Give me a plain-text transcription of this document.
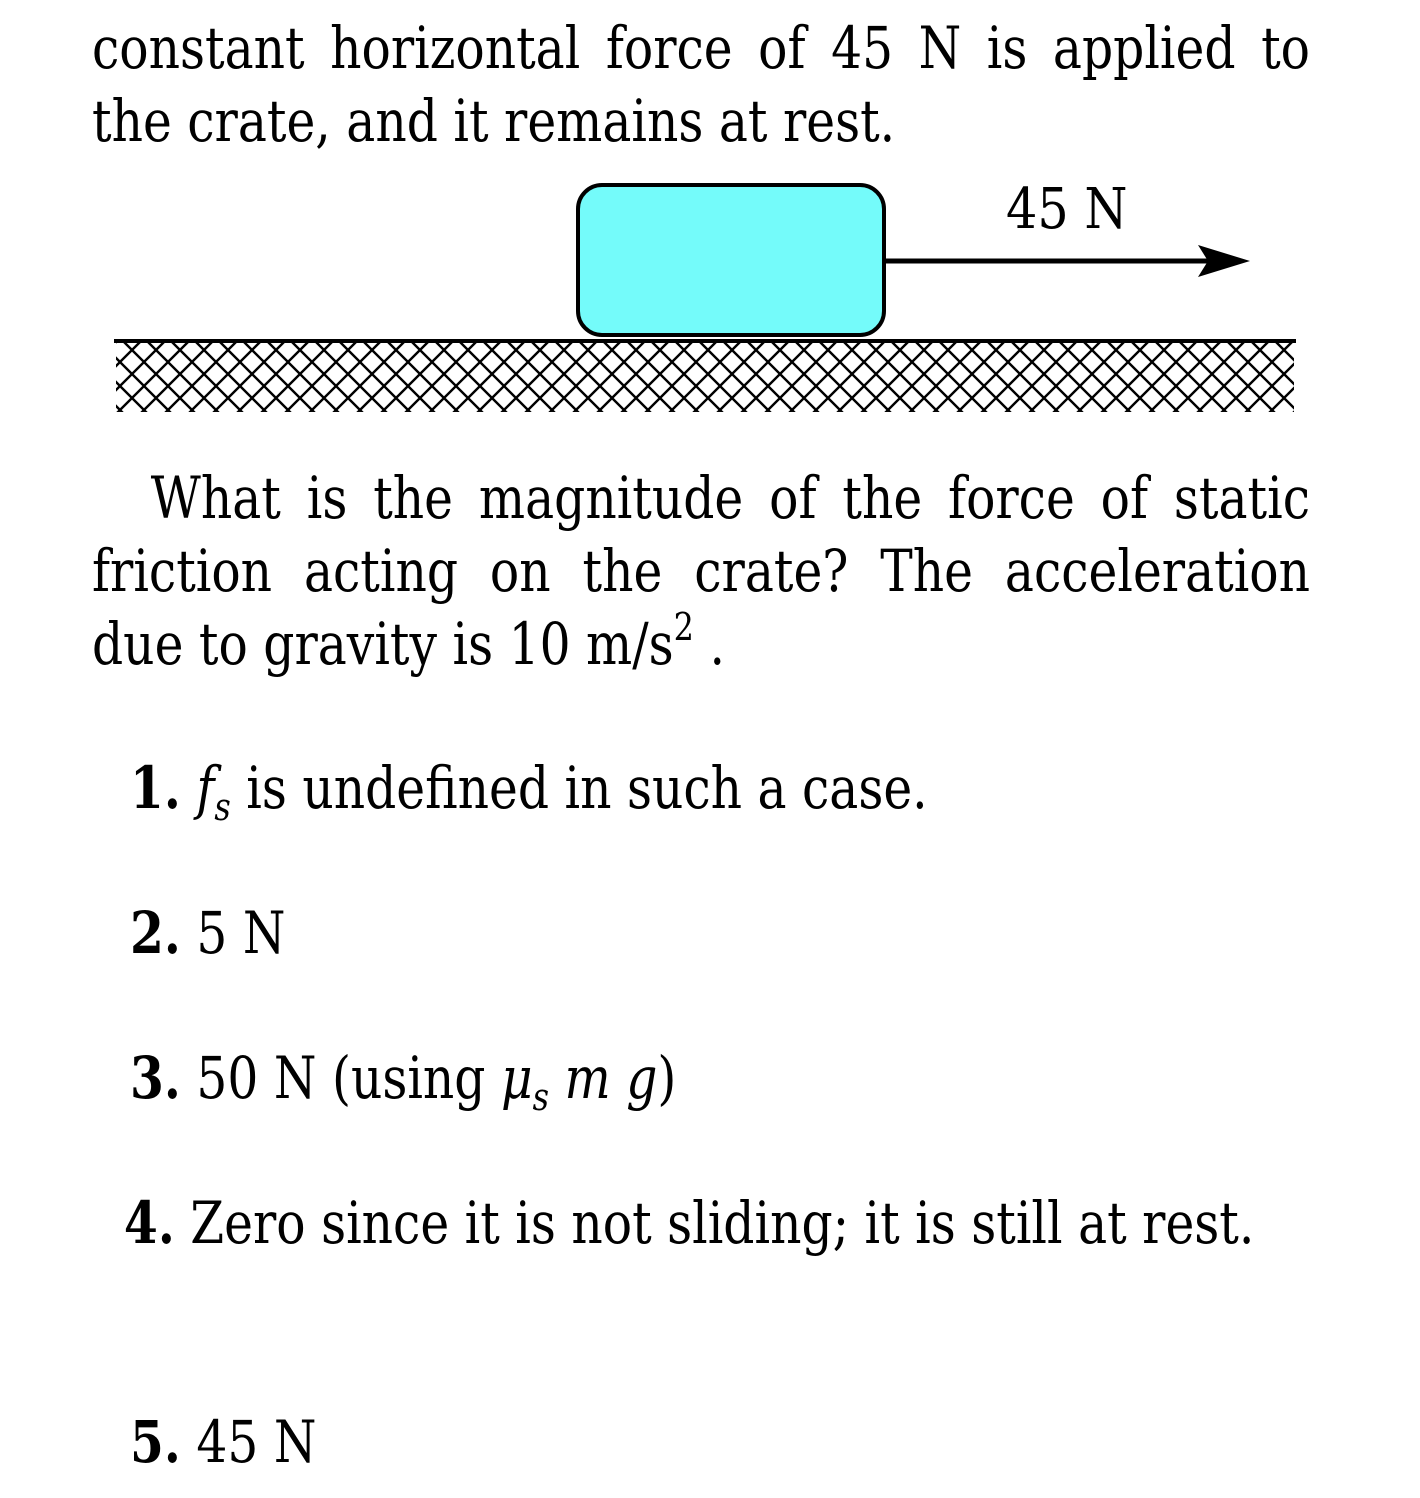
constant horizontal force of 45 N is applied to the crate, and it remains at rest.

45 N

What is the magnitude of the force of static friction acting on the crate? The acceleration due to gravity is 10 $m/s^2$ .

1. $f_s$ is undefined in such a case.

2. 5 N

3. 50 N (using $\mu_s$ m g)

4. Zero since it is not sliding; it is still at rest.

5. 45 N
